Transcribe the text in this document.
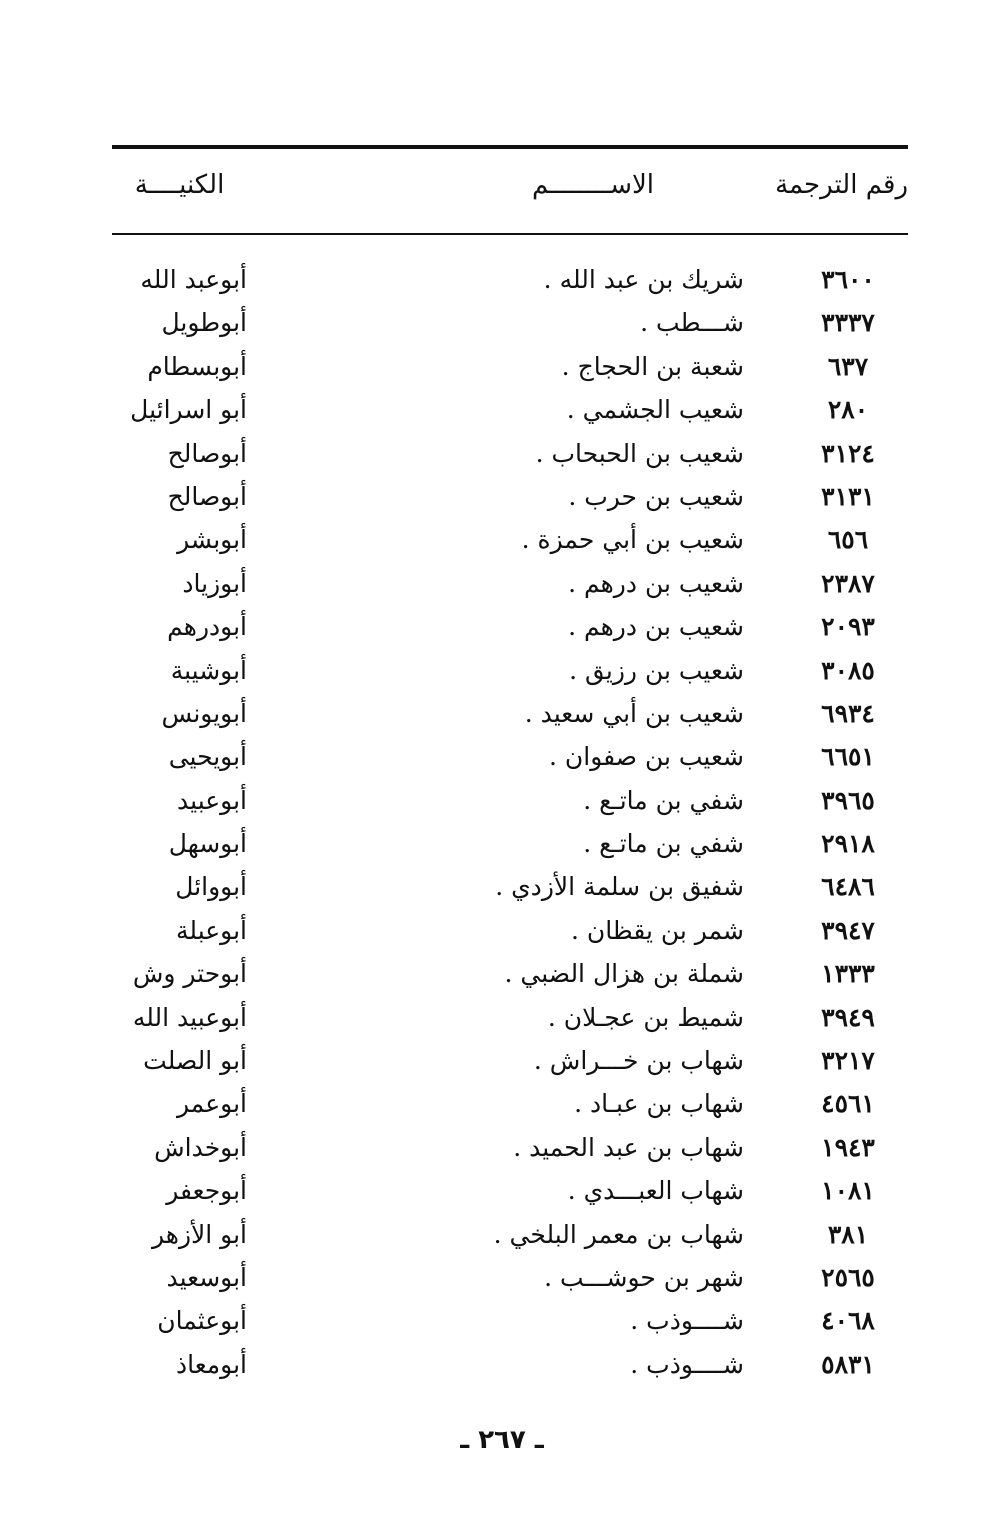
رقم الترجمة
الاســــــــم
الكنيــــة
٣٦٠٠
شريك بن عبد الله .
أبوعبد الله
٣٣٣٧
شـــطب .
أبوطويل
٦٣٧
شعبة بن الحجاج .
أبوبسطام
٢٨٠
شعيب الجشمي .
أبو اسرائيل
٣١٢٤
شعيب بن الحبحاب .
أبوصالح
٣١٣١
شعيب بن حرب .
أبوصالح
٦٥٦
شعيب بن أبي حمزة .
أبوبشر
٢٣٨٧
شعيب بن درهم .
أبوزياد
٢٠٩٣
شعيب بن درهم .
أبودرهم
٣٠٨٥
شعيب بن رزيق .
أبوشيبة
٦٩٣٤
شعيب بن أبي سعيد .
أبويونس
٦٦٥١
شعيب بن صفوان .
أبويحيى
٣٩٦٥
شفي بن ماتـع .
أبوعبيد
٢٩١٨
شفي بن ماتـع .
أبوسهل
٦٤٨٦
شفيق بن سلمة الأزدي .
أبووائل
٣٩٤٧
شمر بن يقظان .
أبوعبلة
١٣٣٣
شملة بن هزال الضبي .
أبوحتر وش
٣٩٤٩
شميط بن عجـلان .
أبوعبيد الله
٣٢١٧
شهاب بن خـــراش .
أبو الصلت
٤٥٦١
شهاب بن عبـاد .
أبوعمر
١٩٤٣
شهاب بن عبد الحميد .
أبوخداش
١٠٨١
شهاب العبـــدي .
أبوجعفر
٣٨١
شهاب بن معمر البلخي .
أبو الأزهر
٢٥٦٥
شهر بن حوشـــب .
أبوسعيد
٤٠٦٨
شــــوذب .
أبوعثمان
٥٨٣١
شــــوذب .
أبومعاذ
ـ ٢٦٧ ـ
